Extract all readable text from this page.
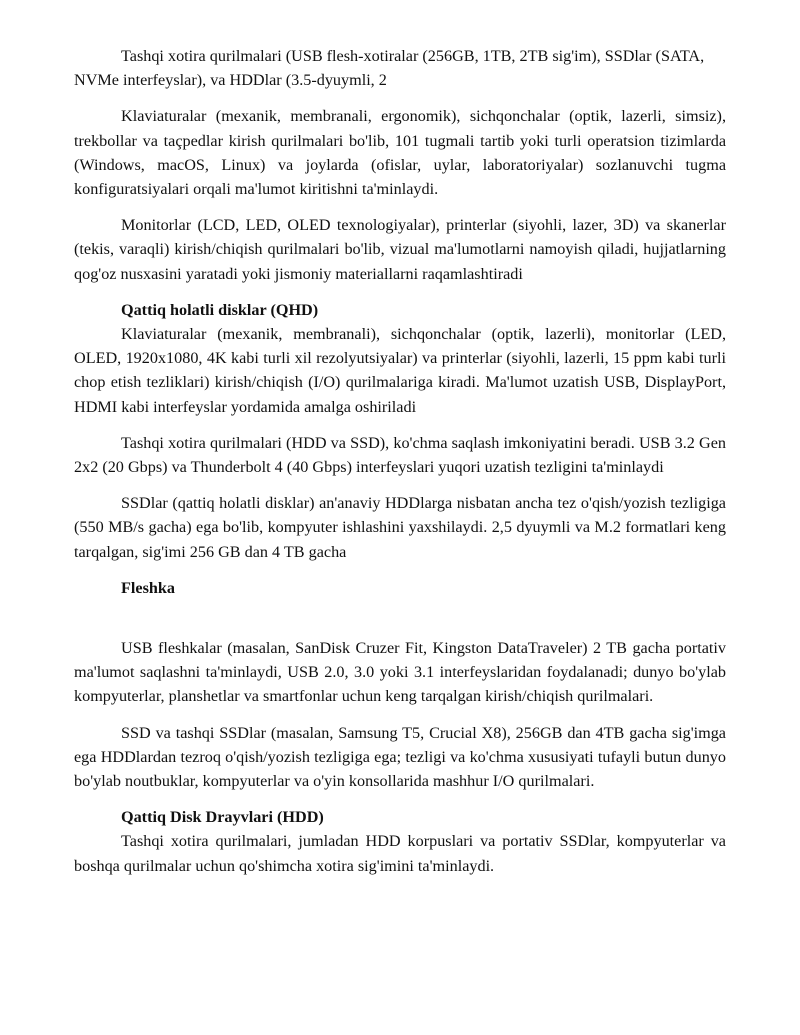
Tashqi xotira qurilmalari (USB flesh-xotiralar (256GB, 1TB, 2TB sig'im), SSDlar (SATA, NVMe interfeyslar), va HDDlar (3.5-dyuymli, 2

Klaviaturalar (mexanik, membranali, ergonomik), sichqonchalar (optik, lazerli, simsiz), trekbollar va taçpedlar kirish qurilmalari bo'lib, 101 tugmali tartib yoki turli operatsion tizimlarda (Windows, macOS, Linux) va joylarda (ofislar, uylar, laboratoriyalar) sozlanuvchi tugma konfiguratsiyalari orqali ma'lumot kiritishni ta'minlaydi.

Monitorlar (LCD, LED, OLED texnologiyalar), printerlar (siyohli, lazer, 3D) va skanerlar (tekis, varaqli) kirish/chiqish qurilmalari bo'lib, vizual ma'lumotlarni namoyish qiladi, hujjatlarning qog'oz nusxasini yaratadi yoki jismoniy materiallarni raqamlashtiradi

Qattiq holatli disklar (QHD)

Klaviaturalar (mexanik, membranali), sichqonchalar (optik, lazerli), monitorlar (LED, OLED, 1920x1080, 4K kabi turli xil rezolyutsiyalar) va printerlar (siyohli, lazerli, 15 ppm kabi turli chop etish tezliklari) kirish/chiqish (I/O) qurilmalariga kiradi. Ma'lumot uzatish USB, DisplayPort, HDMI kabi interfeyslar yordamida amalga oshiriladi

Tashqi xotira qurilmalari (HDD va SSD), ko'chma saqlash imkoniyatini beradi. USB 3.2 Gen 2x2 (20 Gbps) va Thunderbolt 4 (40 Gbps) interfeyslari yuqori uzatish tezligini ta'minlaydi

SSDlar (qattiq holatli disklar) an'anaviy HDDlarga nisbatan ancha tez o'qish/yozish tezligiga (550 MB/s gacha) ega bo'lib, kompyuter ishlashini yaxshilaydi. 2,5 dyuymli va M.2 formatlari keng tarqalgan, sig'imi 256 GB dan 4 TB gacha

Fleshka

USB fleshkalar (masalan, SanDisk Cruzer Fit, Kingston DataTraveler) 2 TB gacha portativ ma'lumot saqlashni ta'minlaydi, USB 2.0, 3.0 yoki 3.1 interfeyslaridan foydalanadi; dunyo bo'ylab kompyuterlar, planshetlar va smartfonlar uchun keng tarqalgan kirish/chiqish qurilmalari.

SSD va tashqi SSDlar (masalan, Samsung T5, Crucial X8), 256GB dan 4TB gacha sig'imga ega HDDlardan tezroq o'qish/yozish tezligiga ega; tezligi va ko'chma xususiyati tufayli butun dunyo bo'ylab noutbuklar, kompyuterlar va o'yin konsollarida mashhur I/O qurilmalari.

Qattiq Disk Drayvlari (HDD)

Tashqi xotira qurilmalari, jumladan HDD korpuslari va portativ SSDlar, kompyuterlar va boshqa qurilmalar uchun qo'shimcha xotira sig'imini ta'minlaydi.
